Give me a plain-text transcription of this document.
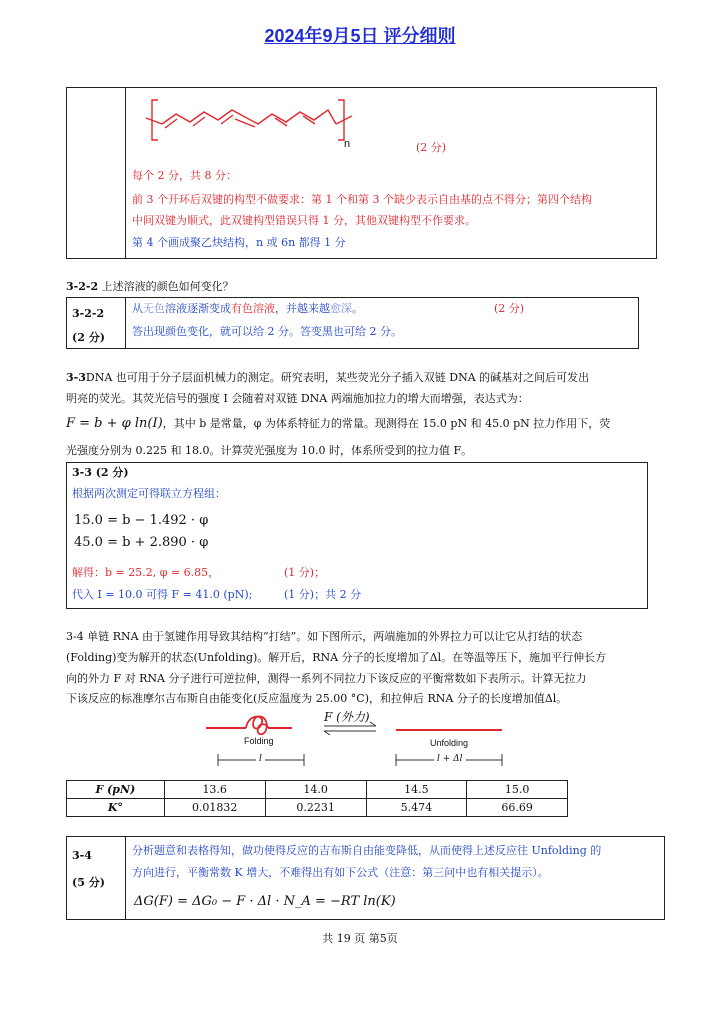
2024年9月5日 评分细则
n	(2 分)
每个 2 分，共 8 分：
前 3 个开环后双键的构型不做要求：第 1 个和第 3 个缺少表示自由基的点不得分；第四个结构
中间双键为顺式，此双键构型错误只得 1 分，其他双键构型不作要求。
第 4 个画成聚乙炔结构，n 或 6n 都得 1 分
3-2-2 上述溶液的颜色如何变化？
3-2-2
(2 分)
从无色溶液逐渐变成有色溶液，并越来越愈深。	(2 分)
答出现颜色变化，就可以给 2 分。答变黑也可给 2 分。
3-3DNA 也可用于分子层面机械力的测定。研究表明，某些荧光分子插入双链 DNA 的碱基对之间后可发出
明亮的荧光。其荧光信号的强度 I 会随着对双链 DNA 两端施加拉力的增大而增强，表达式为：
F = b + φ ln(I)，其中 b 是常量，φ 为体系特征力的常量。现测得在 15.0 pN 和 45.0 pN 拉力作用下，荧
光强度分别为 0.225 和 18.0。计算荧光强度为 10.0 时，体系所受到的拉力值 F。
3-3 (2 分)
根据两次测定可得联立方程组：
15.0 = b − 1.492 · φ
45.0 = b + 2.890 · φ
解得：b = 25.2, φ = 6.85，	(1 分)；
代入 I = 10.0 可得 F = 41.0 (pN);	(1 分)；共 2 分
3-4 单链 RNA 由于氢键作用导致其结构“打结”。如下图所示，两端施加的外界拉力可以让它从打结的状态
(Folding)变为解开的状态(Unfolding)。解开后，RNA 分子的长度增加了Δl。在等温等压下，施加平行伸长方
向的外力 F 对 RNA 分子进行可逆拉伸，测得一系列不同拉力下该反应的平衡常数如下表所示。计算无拉力
下该反应的标准摩尔吉布斯自由能变化(反应温度为 25.00 °C)，和拉伸后 RNA 分子的长度增加值Δl。
F (外力)
Folding	Unfolding
l	l + Δl
F (pN)	13.6	14.0	14.5	15.0
K°	0.01832	0.2231	5.474	66.69
3-4
(5 分)
分析题意和表格得知，做功使得反应的吉布斯自由能变降低，从而使得上述反应往 Unfolding 的
方向进行，平衡常数 K 增大，不难得出有如下公式（注意：第三问中也有相关提示）。
ΔG(F) = ΔG₀ − F · Δl · N_A = −RT ln(K)
共 19 页 第5页
